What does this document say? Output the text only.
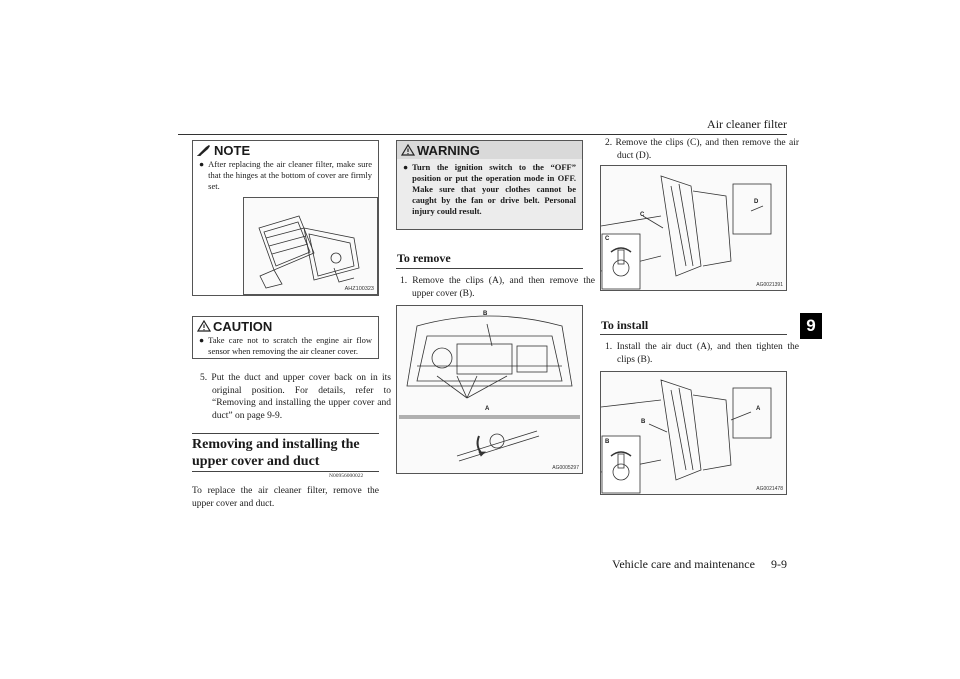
Air cleaner filter
9
NOTE
● After replacing the air cleaner filter, make sure that the hinges at the bottom of cover are firmly set.
AHZ100323
CAUTION
● Take care not to scratch the engine air flow sensor when removing the air cleaner cover.
5. Put the duct and upper cover back on in its original position. For details, refer to “Removing and installing the upper cover and duct” on page 9-9.
Removing and installing the upper cover and duct
N00956000022
To replace the air cleaner filter, remove the upper cover and duct.
WARNING
● Turn the ignition switch to the “OFF” position or put the operation mode in OFF. Make sure that your clothes cannot be caught by the fan or drive belt. Personal injury could result.
To remove
1. Remove the clips (A), and then remove the upper cover (B).
B
A
AG0005297
2. Remove the clips (C), and then remove the air duct (D).
C
D
C
AG0021391
To install
1. Install the air duct (A), and then tighten the clips (B).
B
A
B
AG0021478
Vehicle care and maintenance 9-9
